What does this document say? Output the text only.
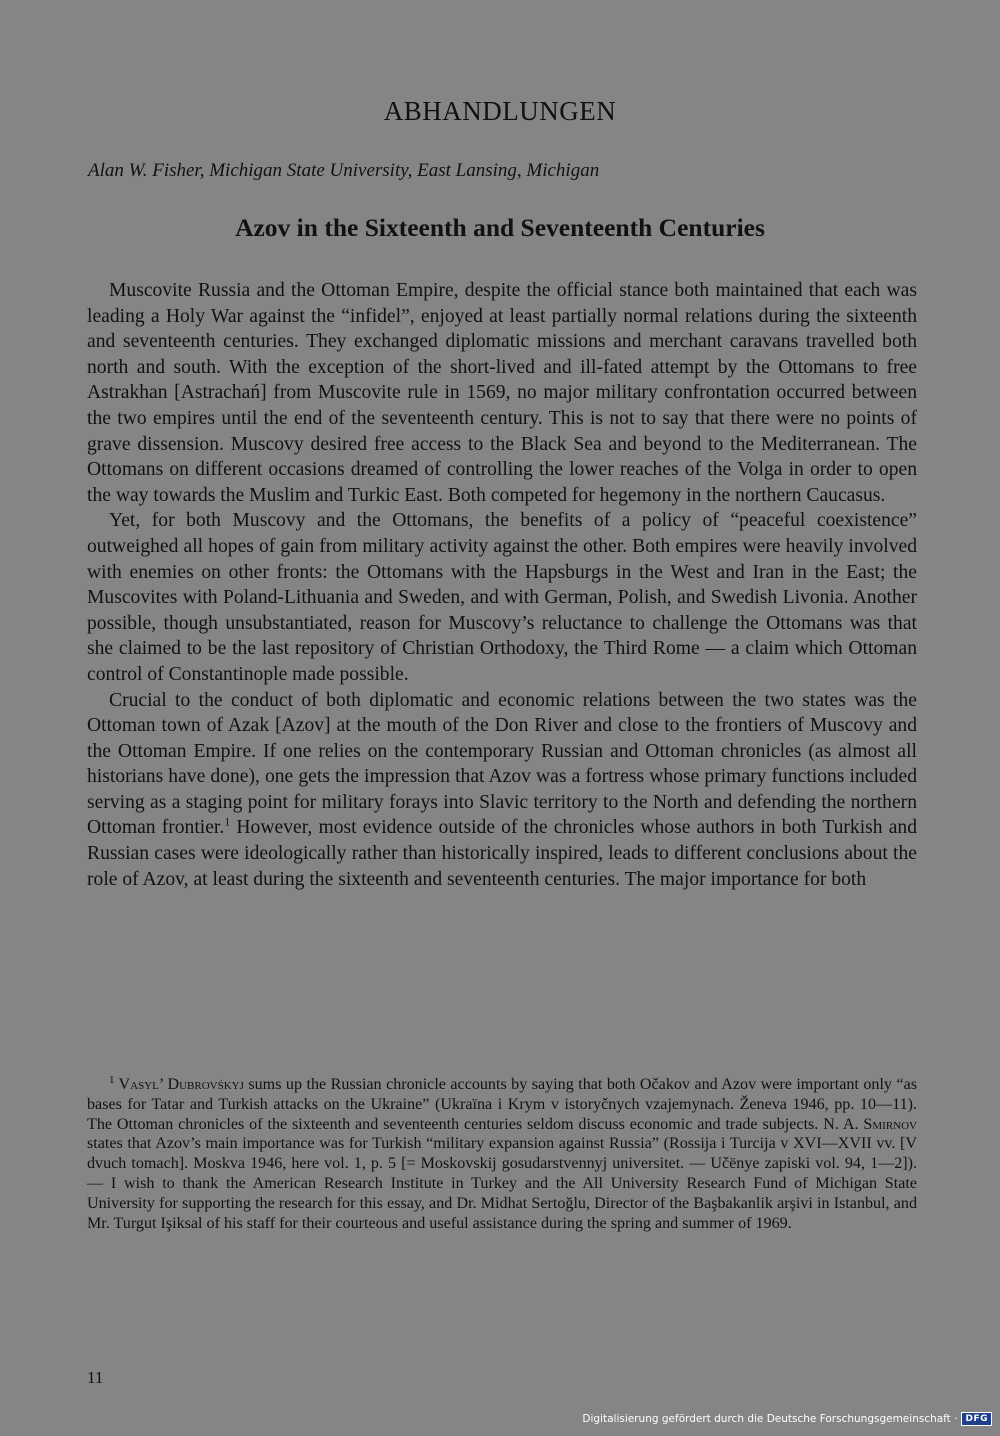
ABHANDLUNGEN

Alan W. Fisher, Michigan State University, East Lansing, Michigan

Azov in the Sixteenth and Seventeenth Centuries

Muscovite Russia and the Ottoman Empire, despite the official stance both maintained that each was leading a Holy War against the “infidel”, enjoyed at least partially normal relations during the sixteenth and seventeenth centuries. They exchanged diplomatic missions and merchant caravans travelled both north and south. With the exception of the short-lived and ill-fated attempt by the Ottomans to free Astrakhan [Astrachań] from Muscovite rule in 1569, no major military confrontation occurred between the two empires until the end of the seventeenth century. This is not to say that there were no points of grave dissension. Muscovy desired free access to the Black Sea and beyond to the Mediterranean. The Ottomans on different occasions dreamed of controlling the lower reaches of the Volga in order to open the way towards the Muslim and Turkic East. Both competed for hegemony in the northern Caucasus.

Yet, for both Muscovy and the Ottomans, the benefits of a policy of “peaceful coexistence” outweighed all hopes of gain from military activity against the other. Both empires were heavily involved with enemies on other fronts: the Ottomans with the Hapsburgs in the West and Iran in the East; the Muscovites with Poland-Lithuania and Sweden, and with German, Polish, and Swedish Livonia. Another possible, though unsubstantiated, reason for Muscovy’s reluctance to challenge the Ottomans was that she claimed to be the last repository of Christian Orthodoxy, the Third Rome — a claim which Ottoman control of Constantinople made possible.

Crucial to the conduct of both diplomatic and economic relations between the two states was the Ottoman town of Azak [Azov] at the mouth of the Don River and close to the frontiers of Muscovy and the Ottoman Empire. If one relies on the contemporary Russian and Ottoman chronicles (as almost all historians have done), one gets the impression that Azov was a fortress whose primary functions included serving as a staging point for military forays into Slavic territory to the North and defending the northern Ottoman frontier.$^1$ However, most evidence outside of the chronicles whose authors in both Turkish and Russian cases were ideologically rather than historically inspired, leads to different conclusions about the role of Azov, at least during the sixteenth and seventeenth centuries. The major importance for both

$^1$ Vasyl’ Dubrovśkyj sums up the Russian chronicle accounts by saying that both Očakov and Azov were important only “as bases for Tatar and Turkish attacks on the Ukraine” (Ukraïna i Krym v istoryčnych vzajemynach. Ženeva 1946, pp. 10—11). The Ottoman chronicles of the sixteenth and seventeenth centuries seldom discuss economic and trade subjects. N. A. Smirnov states that Azov’s main importance was for Turkish “military expansion against Russia” (Rossija i Turcija v XVI—XVII vv. [V dvuch tomach]. Moskva 1946, here vol. 1, p. 5 [= Moskovskij gosudarstvennyj universitet. — Učënye zapiski vol. 94, 1—2]). — I wish to thank the American Research Institute in Turkey and the All University Research Fund of Michigan State University for supporting the research for this essay, and Dr. Midhat Sertoğlu, Director of the Başbakanlik arşivi in Istanbul, and Mr. Turgut Işiksal of his staff for their courteous and useful assistance during the spring and summer of 1969.

11

Digitalisierung gefördert durch die Deutsche Forschungsgemeinschaft · DFG
